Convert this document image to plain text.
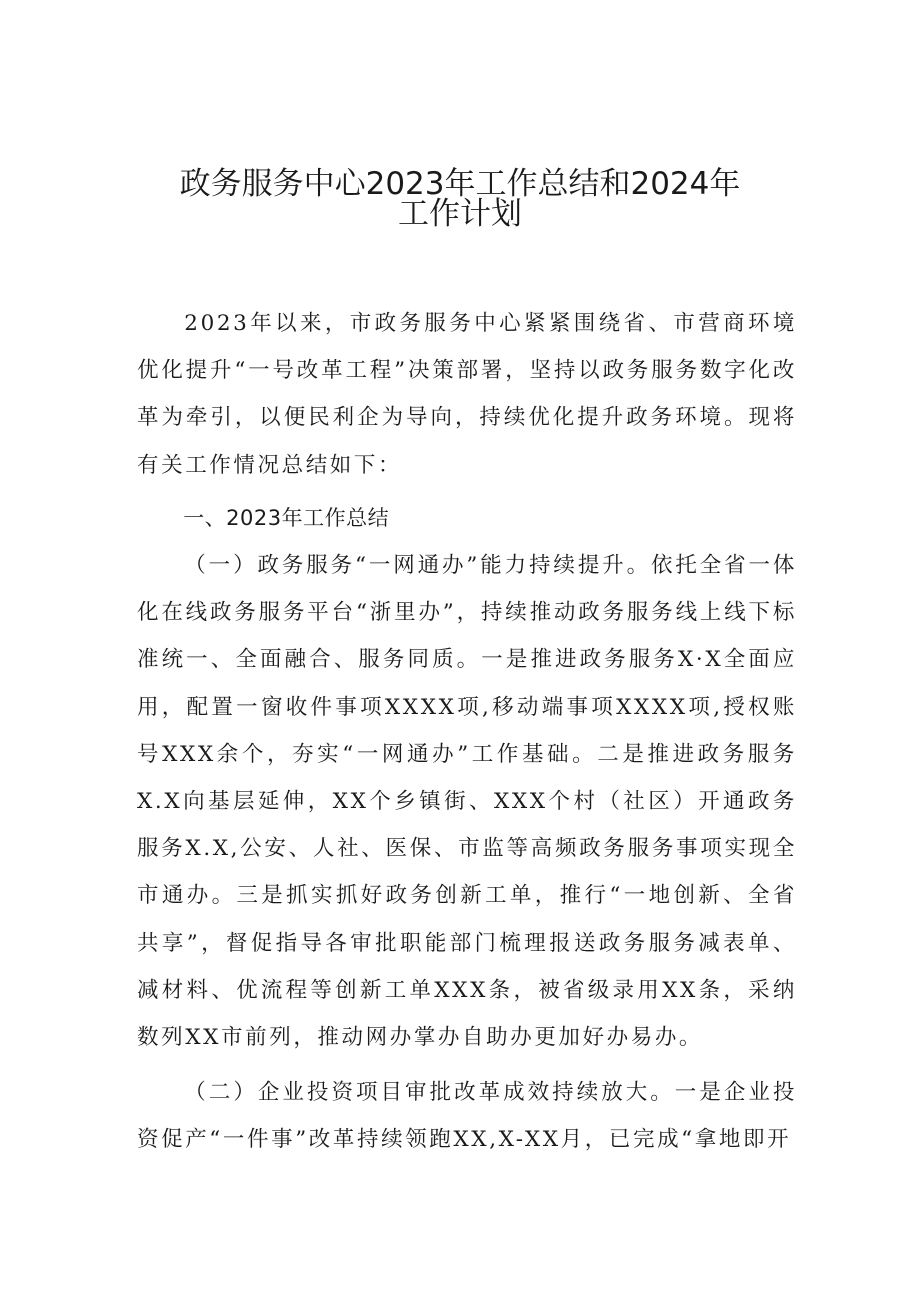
政务服务中心2023年工作总结和2024年
工作计划

2023年以来，市政务服务中心紧紧围绕省、市营商环境优化提升“一号改革工程”决策部署，坚持以政务服务数字化改革为牵引，以便民利企为导向，持续优化提升政务环境。现将有关工作情况总结如下：

一、2023年工作总结

（一）政务服务“一网通办”能力持续提升。依托全省一体化在线政务服务平台“浙里办”，持续推动政务服务线上线下标准统一、全面融合、服务同质。一是推进政务服务X·X全面应用，配置一窗收件事项XXXX项,移动端事项XXXX项,授权账号XXX余个，夯实“一网通办”工作基础。二是推进政务服务X.X向基层延伸，XX个乡镇街、XXX个村（社区）开通政务服务X.X,公安、人社、医保、市监等高频政务服务事项实现全市通办。三是抓实抓好政务创新工单，推行“一地创新、全省共享”，督促指导各审批职能部门梳理报送政务服务减表单、减材料、优流程等创新工单XXX条，被省级录用XX条，采纳数列XX市前列，推动网办掌办自助办更加好办易办。

（二）企业投资项目审批改革成效持续放大。一是企业投资促产“一件事”改革持续领跑XX,X-XX月，已完成“拿地即开
